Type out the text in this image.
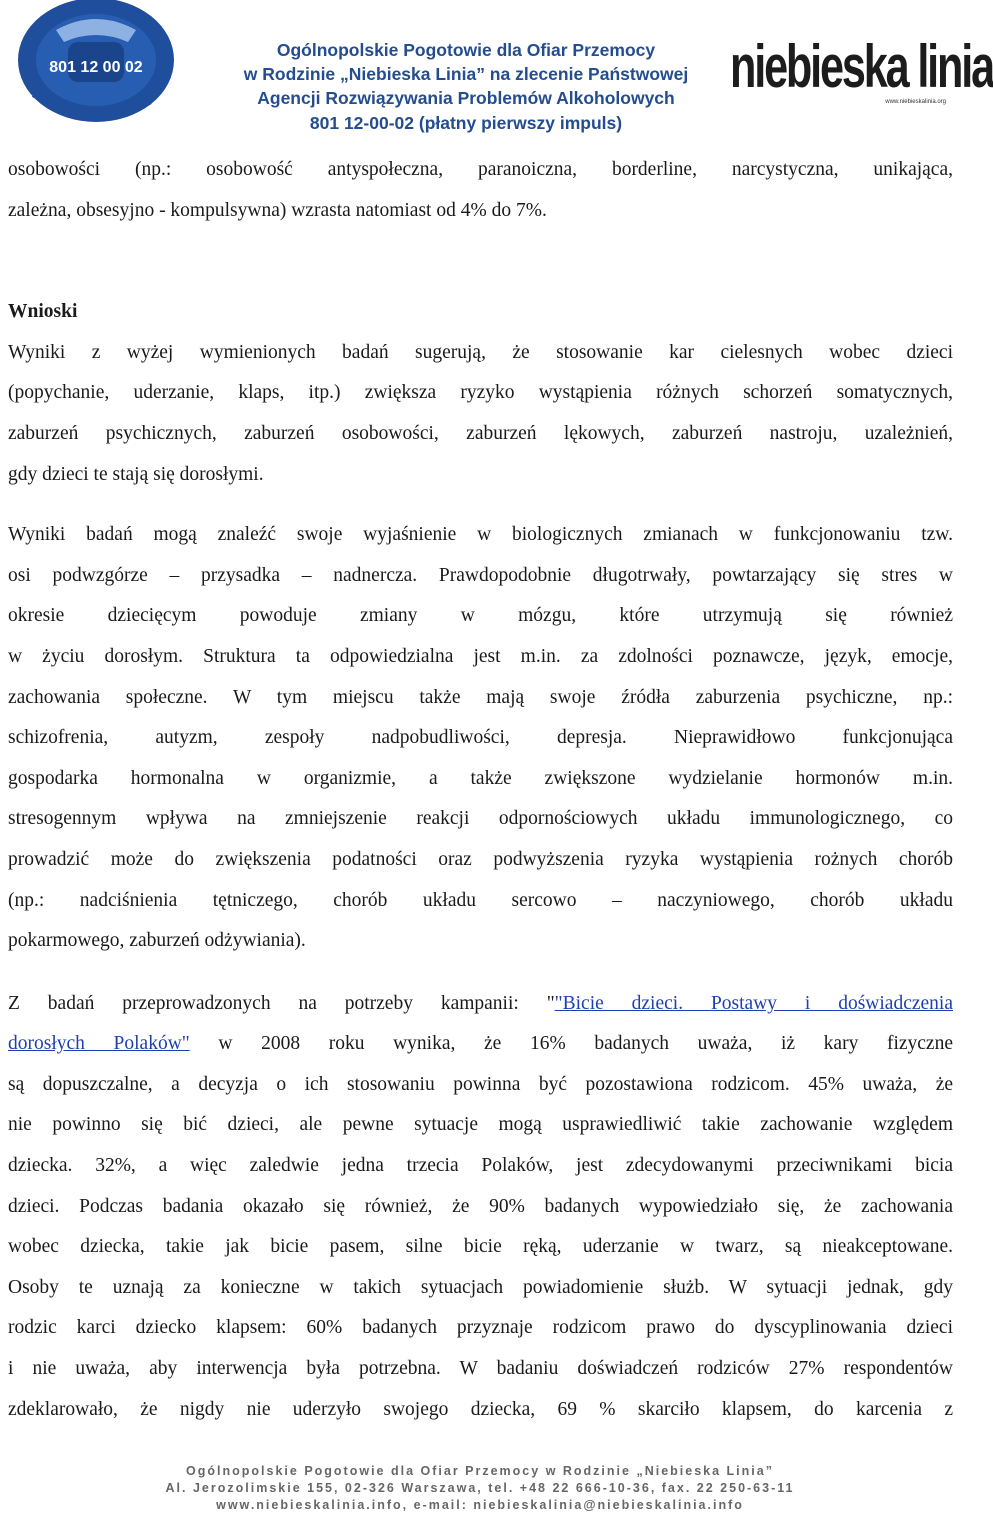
801 12 00 02
niebieska linia
Ogólnopolskie Pogotowie dla Ofiar Przemocy
w Rodzinie „Niebieska Linia” na zlecenie Państwowej
Agencji Rozwiązywania Problemów Alkoholowych
801 12-00-02 (płatny pierwszy impuls)
niebieska linia
www.niebieskalinia.org

osobowości (np.: osobowość antyspołeczna, paranoiczna, borderline, narcystyczna, unikająca,
zależna, obsesyjno - kompulsywna) wzrasta natomiast od 4% do 7%.

Wnioski

Wyniki z wyżej wymienionych badań sugerują, że stosowanie kar cielesnych wobec dzieci
(popychanie, uderzanie, klaps, itp.) zwiększa ryzyko wystąpienia różnych schorzeń somatycznych,
zaburzeń psychicznych, zaburzeń osobowości, zaburzeń lękowych, zaburzeń nastroju, uzależnień,
gdy dzieci te stają się dorosłymi.

Wyniki badań mogą znaleźć swoje wyjaśnienie w biologicznych zmianach w funkcjonowaniu tzw.
osi podwzgórze – przysadka – nadnercza. Prawdopodobnie długotrwały, powtarzający się stres w
okresie dziecięcym powoduje zmiany w mózgu, które utrzymują się również
w życiu dorosłym. Struktura ta odpowiedzialna jest m.in. za zdolności poznawcze, język, emocje,
zachowania społeczne. W tym miejscu także mają swoje źródła zaburzenia psychiczne, np.:
schizofrenia, autyzm, zespoły nadpobudliwości, depresja. Nieprawidłowo funkcjonująca
gospodarka hormonalna w organizmie, a także zwiększone wydzielanie hormonów m.in.
stresogennym wpływa na zmniejszenie reakcji odpornościowych układu immunologicznego, co
prowadzić może do zwiększenia podatności oraz podwyższenia ryzyka wystąpienia rożnych chorób
(np.: nadciśnienia tętniczego, chorób układu sercowo – naczyniowego, chorób układu
pokarmowego, zaburzeń odżywiania).

Z badań przeprowadzonych na potrzeby kampanii: ""Bicie dzieci. Postawy i doświadczenia
dorosłych Polaków" w 2008 roku wynika, że 16% badanych uważa, iż kary fizyczne
są dopuszczalne, a decyzja o ich stosowaniu powinna być pozostawiona rodzicom. 45% uważa, że
nie powinno się bić dzieci, ale pewne sytuacje mogą usprawiedliwić takie zachowanie względem
dziecka. 32%, a więc zaledwie jedna trzecia Polaków, jest zdecydowanymi przeciwnikami bicia
dzieci. Podczas badania okazało się również, że 90% badanych wypowiedziało się, że zachowania
wobec dziecka, takie jak bicie pasem, silne bicie ręką, uderzanie w twarz, są nieakceptowane.
Osoby te uznają za konieczne w takich sytuacjach powiadomienie służb. W sytuacji jednak, gdy
rodzic karci dziecko klapsem: 60% badanych przyznaje rodzicom prawo do dyscyplinowania dzieci
i nie uważa, aby interwencja była potrzebna. W badaniu doświadczeń rodziców 27% respondentów
zdeklarowało, że nigdy nie uderzyło swojego dziecka, 69 % skarciło klapsem, do karcenia z

Ogólnopolskie Pogotowie dla Ofiar Przemocy w Rodzinie „Niebieska Linia”
Al. Jerozolimskie 155, 02-326 Warszawa, tel. +48 22 666-10-36, fax. 22 250-63-11
www.niebieskalinia.info, e-mail: niebieskalinia@niebieskalinia.info
